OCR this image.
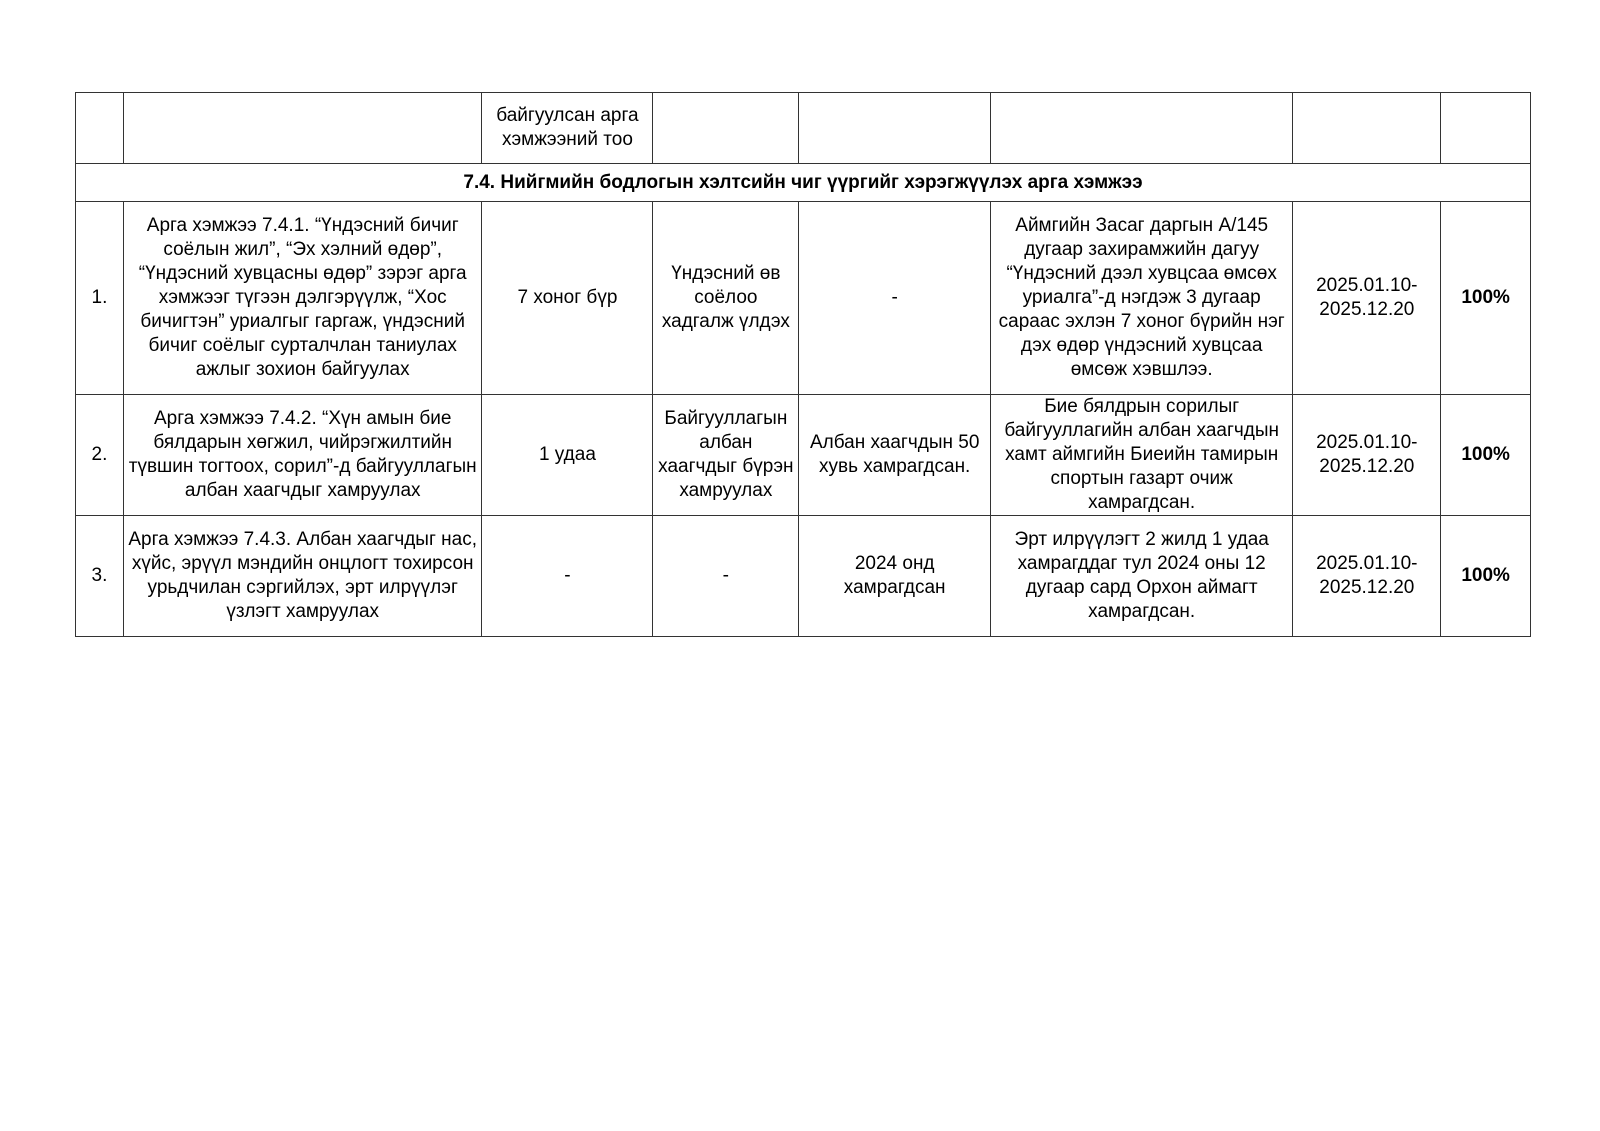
		байгуулсан арга хэмжээний тоо					
7.4. Нийгмийн бодлогын хэлтсийн чиг үүргийг хэрэгжүүлэх арга хэмжээ							
1.	Арга хэмжээ 7.4.1. “Үндэсний бичиг соёлын жил”, “Эх хэлний өдөр”, “Үндэсний хувцасны өдөр” зэрэг арга хэмжээг түгээн дэлгэрүүлж, “Хос бичигтэн” уриалгыг гаргаж, үндэсний бичиг соёлыг сурталчлан таниулах ажлыг зохион байгуулах	7 хоног бүр	Үндэсний өв соёлоо хадгалж үлдэх	-	Аймгийн Засаг даргын А/145 дугаар захирамжийн дагуу “Үндэсний дээл хувцсаа өмсөх уриалга”-д нэгдэж 3 дугаар сараас эхлэн 7 хоног бүрийн нэг дэх өдөр үндэсний хувцсаа өмсөж хэвшлээ.	2025.01.10-2025.12.20	100%
2.	Арга хэмжээ 7.4.2. “Хүн амын бие бялдарын хөгжил, чийрэгжилтийн түвшин тогтоох, сорил”-д байгууллагын албан хаагчдыг хамруулах	1 удаа	Байгууллагын албан хаагчдыг бүрэн хамруулах	Албан хаагчдын 50 хувь хамрагдсан.	Бие бялдрын сорилыг байгууллагийн албан хаагчдын хамт аймгийн Биеийн тамирын спортын газарт очиж хамрагдсан.	2025.01.10-2025.12.20	100%
3.	Арга хэмжээ 7.4.3. Албан хаагчдыг нас, хүйс, эрүүл мэндийн онцлогт тохирсон урьдчилан сэргийлэх, эрт илрүүлэг үзлэгт хамруулах	-	-	2024 онд хамрагдсан	Эрт илрүүлэгт 2 жилд 1 удаа хамрагддаг тул 2024 оны 12 дугаар сард Орхон аймагт хамрагдсан.	2025.01.10-2025.12.20	100%
